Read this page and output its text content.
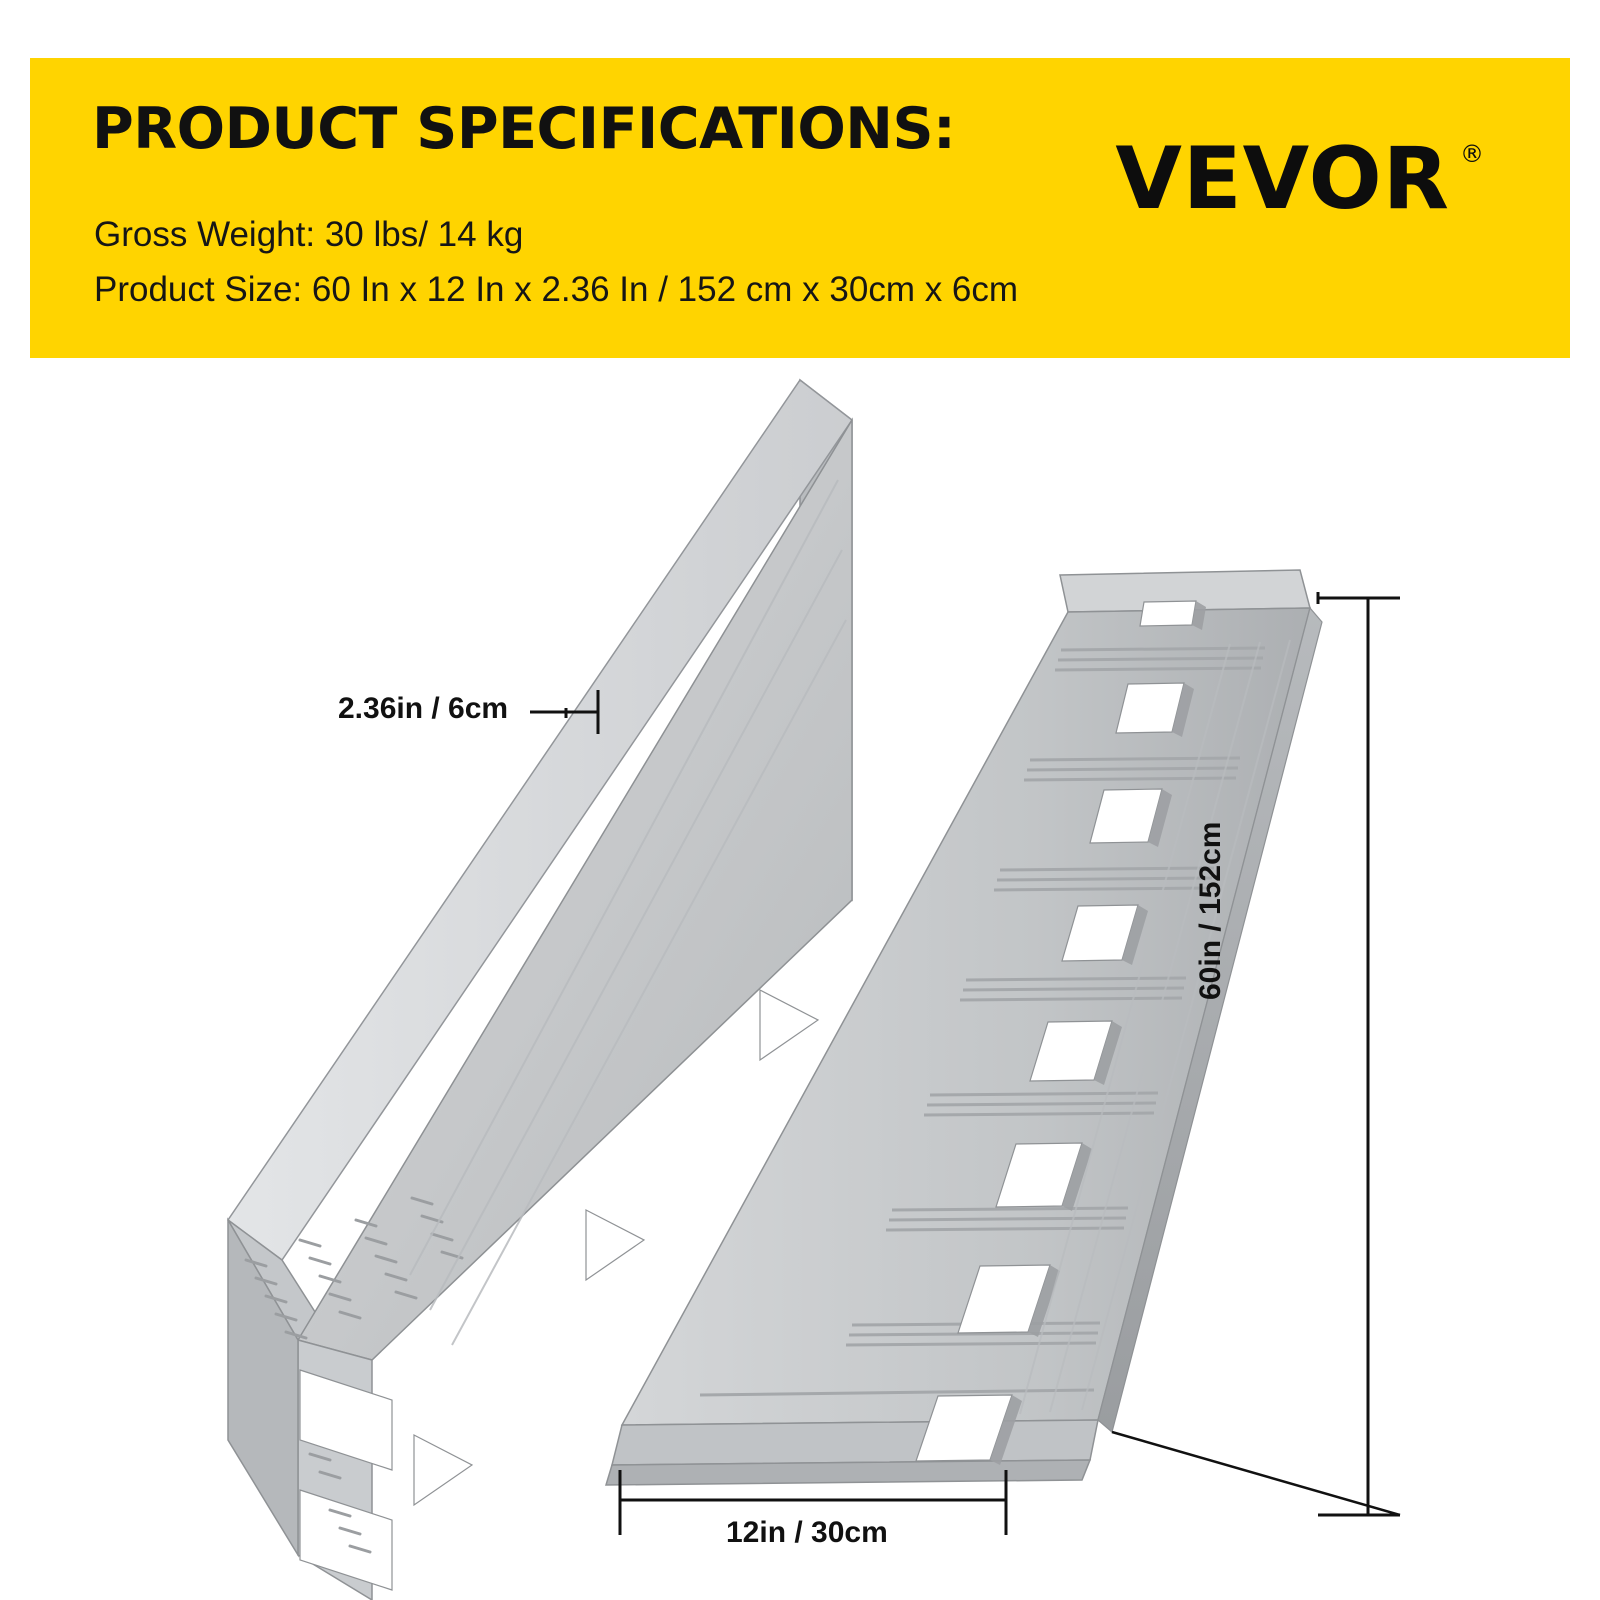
PRODUCT SPECIFICATIONS:
Gross Weight: 30 lbs/ 14 kg
Product Size: 60 In x 12 In x 2.36 In / 152 cm x 30cm x 6cm
VEVOR ®
2.36in / 6cm
12in / 30cm
60in / 152cm
